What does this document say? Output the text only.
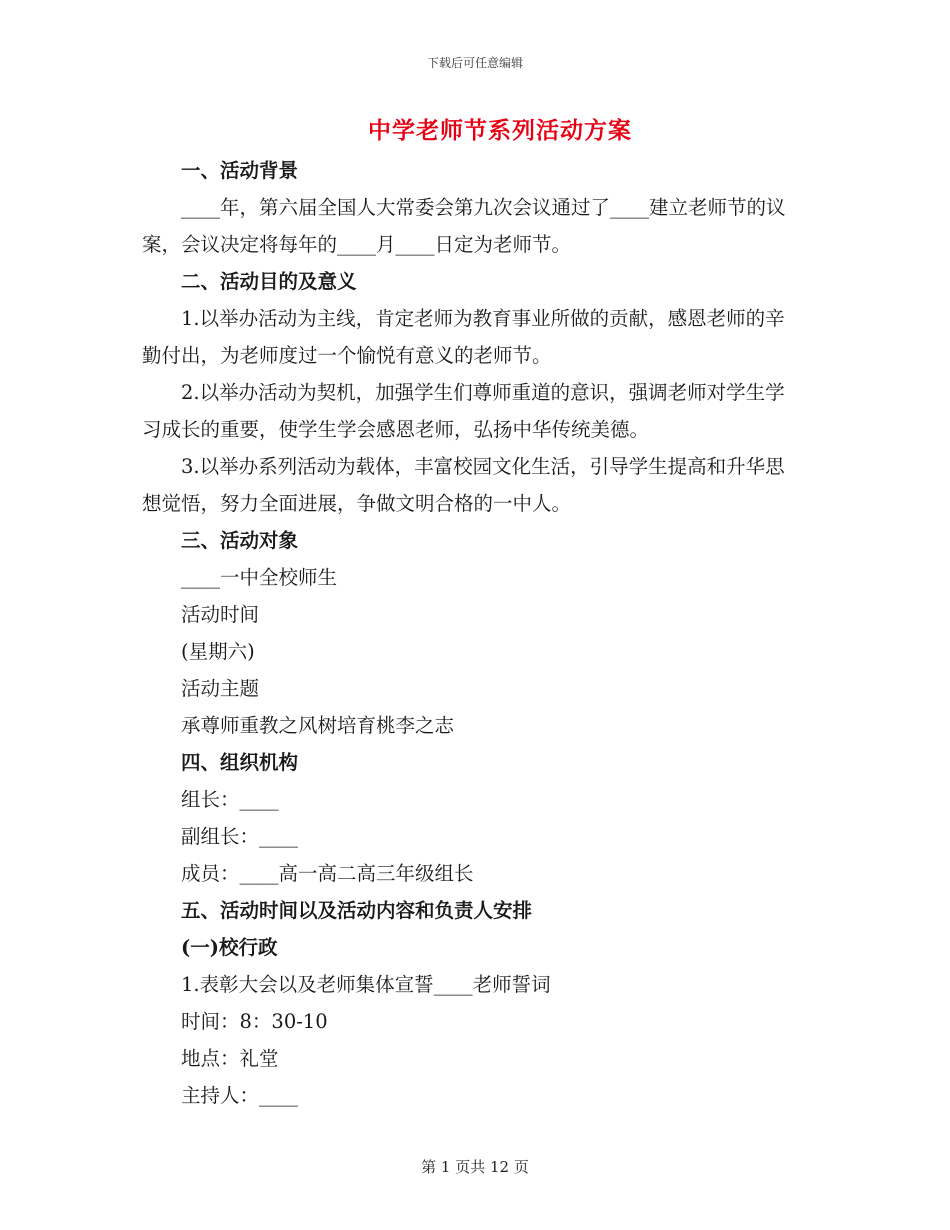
下载后可任意编辑
中学老师节系列活动方案

一、活动背景

____年，第六届全国人大常委会第九次会议通过了____建立老师节的议案，会议决定将每年的____月____日定为老师节。

二、活动目的及意义

1.以举办活动为主线，肯定老师为教育事业所做的贡献，感恩老师的辛勤付出，为老师度过一个愉悦有意义的老师节。

2.以举办活动为契机，加强学生们尊师重道的意识，强调老师对学生学习成长的重要，使学生学会感恩老师，弘扬中华传统美德。

3.以举办系列活动为载体，丰富校园文化生活，引导学生提高和升华思想觉悟，努力全面进展，争做文明合格的一中人。

三、活动对象

____一中全校师生

活动时间

(星期六)

活动主题

承尊师重教之风树培育桃李之志

四、组织机构

组长：____

副组长：____

成员：____高一高二高三年级组长

五、活动时间以及活动内容和负责人安排

(一)校行政

1.表彰大会以及老师集体宣誓____老师誓词

时间：8：30-10

地点：礼堂

主持人：____

第 1 页共 12 页
